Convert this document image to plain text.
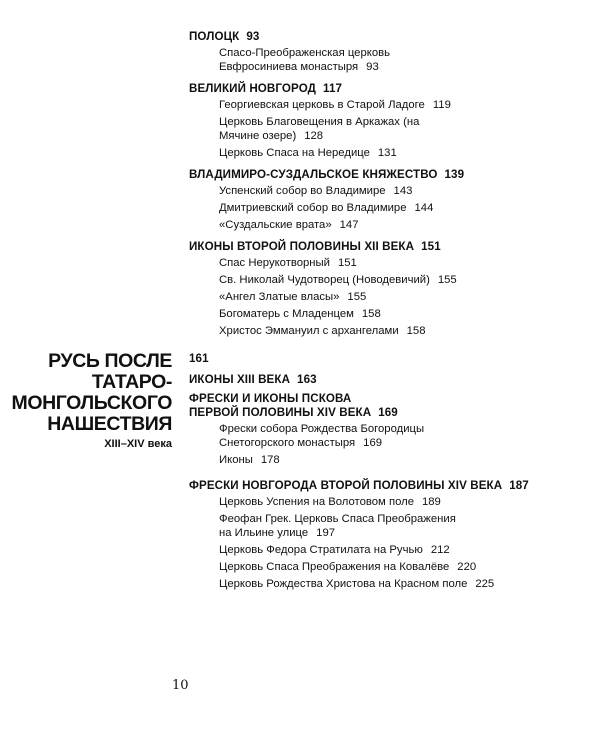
ПОЛОЦК 93
Спасо-Преображенская церковь Евфросиниева монастыря 93
ВЕЛИКИЙ НОВГОРОД 117
Георгиевская церковь в Старой Ладоге 119
Церковь Благовещения в Аркажах (на Мячине озере) 128
Церковь Спаса на Нередице 131
ВЛАДИМИРО-СУЗДАЛЬСКОЕ КНЯЖЕСТВО 139
Успенский собор во Владимире 143
Дмитриевский собор во Владимире 144
«Суздальские врата» 147
ИКОНЫ ВТОРОЙ ПОЛОВИНЫ XII ВЕКА 151
Спас Нерукотворный 151
Св. Николай Чудотворец (Новодевичий) 155
«Ангел Златые власы» 155
Богоматерь с Младенцем 158
Христос Эммануил с архангелами 158
РУСЬ ПОСЛЕ
ТАТАРО-
МОНГОЛЬСКОГО
НАШЕСТВИЯ
XIII–XIV века
161
ИКОНЫ XIII ВЕКА 163
ФРЕСКИ И ИКОНЫ ПСКОВА
ПЕРВОЙ ПОЛОВИНЫ XIV ВЕКА 169
Фрески собора Рождества Богородицы Снетогорского монастыря 169
Иконы 178
ФРЕСКИ НОВГОРОДА ВТОРОЙ ПОЛОВИНЫ XIV ВЕКА 187
Церковь Успения на Волотовом поле 189
Феофан Грек. Церковь Спаса Преображения на Ильине улице 197
Церковь Федора Стратилата на Ручью 212
Церковь Спаса Преображения на Ковалёве 220
Церковь Рождества Христова на Красном поле 225
10
